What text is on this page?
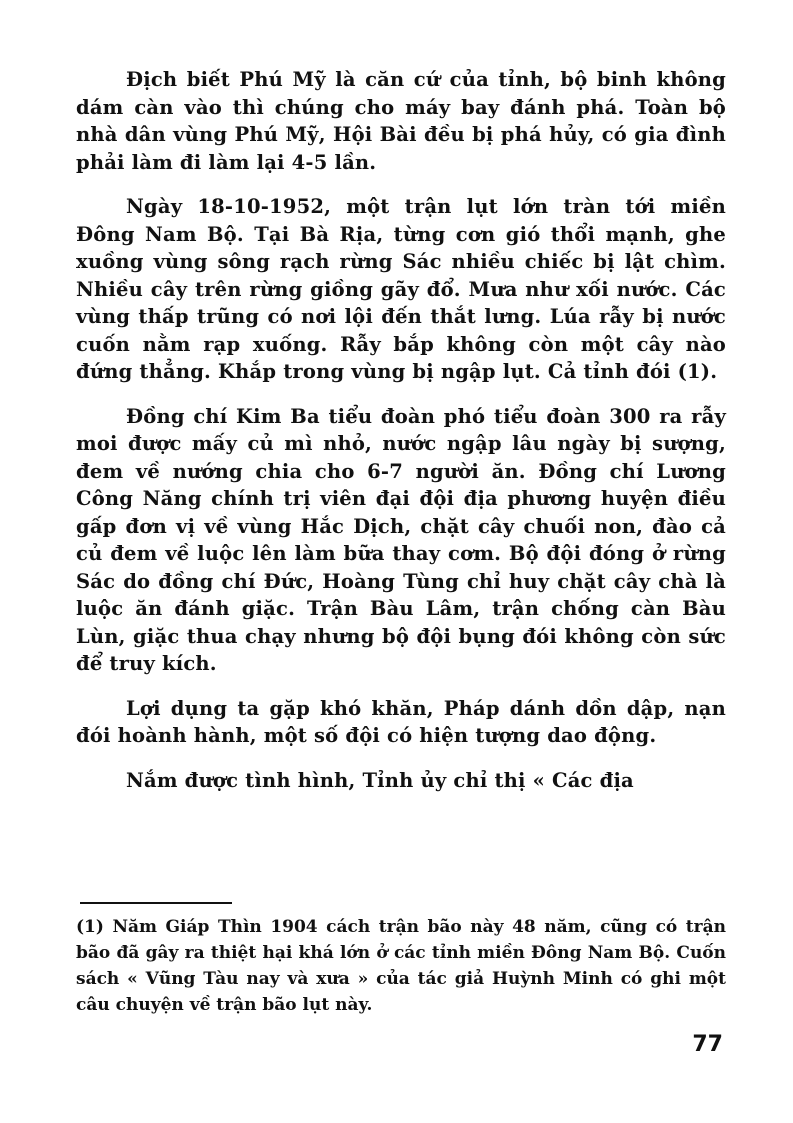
Địch biết Phú Mỹ là căn cứ của tỉnh, bộ binh không dám càn vào thì chúng cho máy bay đánh phá. Toàn bộ nhà dân vùng Phú Mỹ, Hội Bài đều bị phá hủy, có gia đình phải làm đi làm lại 4-5 lần.

Ngày 18-10-1952, một trận lụt lớn tràn tới miền Đông Nam Bộ. Tại Bà Rịa, từng cơn gió thổi mạnh, ghe xuồng vùng sông rạch rừng Sác nhiều chiếc bị lật chìm. Nhiều cây trên rừng giồng gãy đổ. Mưa như xối nước. Các vùng thấp trũng có nơi lội đến thắt lưng. Lúa rẫy bị nước cuốn nằm rạp xuống. Rẫy bắp không còn một cây nào đứng thẳng. Khắp trong vùng bị ngập lụt. Cả tỉnh đói (1).

Đồng chí Kim Ba tiểu đoàn phó tiểu đoàn 300 ra rẫy moi được mấy củ mì nhỏ, nước ngập lâu ngày bị sượng, đem về nướng chia cho 6-7 người ăn. Đồng chí Lương Công Năng chính trị viên đại đội địa phương huyện điều gấp đơn vị về vùng Hắc Dịch, chặt cây chuối non, đào cả củ đem về luộc lên làm bữa thay cơm. Bộ đội đóng ở rừng Sác do đồng chí Đức, Hoàng Tùng chỉ huy chặt cây chà là luộc ăn đánh giặc. Trận Bàu Lâm, trận chống càn Bàu Lùn, giặc thua chạy nhưng bộ đội bụng đói không còn sức để truy kích.

Lợi dụng ta gặp khó khăn, Pháp dánh dồn dập, nạn đói hoành hành, một số đội có hiện tượng dao động.

Nắm được tình hình, Tỉnh ủy chỉ thị « Các địa

(1) Năm Giáp Thìn 1904 cách trận bão này 48 năm, cũng có trận bão đã gây ra thiệt hại khá lớn ở các tỉnh miền Đông Nam Bộ. Cuốn sách « Vũng Tàu nay và xưa » của tác giả Huỳnh Minh có ghi một câu chuyện về trận bão lụt này.

77
